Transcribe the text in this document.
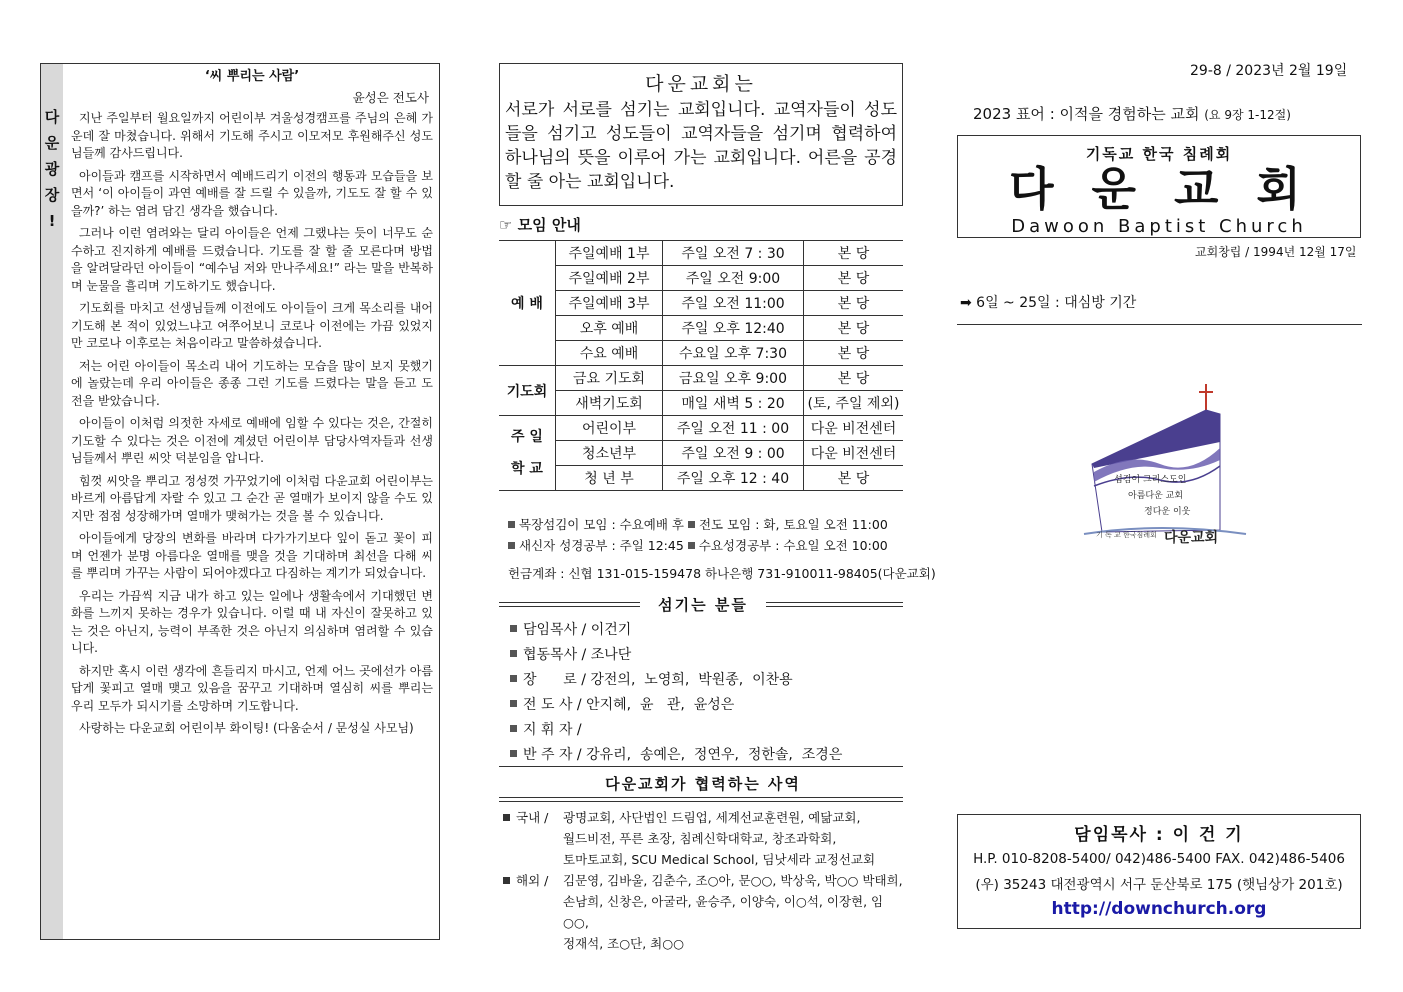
다
운
광
장
!
‘씨 뿌리는 사람’
윤성은 전도사

지난 주일부터 월요일까지 어린이부 겨울성경캠프를 주님의 은혜 가운데 잘 마쳤습니다. 위해서 기도해 주시고 이모저모 후원해주신 성도님들께 감사드립니다.

아이들과 캠프를 시작하면서 예배드리기 이전의 행동과 모습들을 보면서 ‘이 아이들이 과연 예배를 잘 드릴 수 있을까, 기도도 잘 할 수 있을까?’ 하는 염려 담긴 생각을 했습니다.

그러나 이런 염려와는 달리 아이들은 언제 그랬냐는 듯이 너무도 순수하고 진지하게 예배를 드렸습니다. 기도를 잘 할 줄 모른다며 방법을 알려달라던 아이들이 “예수님 저와 만나주세요!” 라는 말을 반복하며 눈물을 흘리며 기도하기도 했습니다.

기도회를 마치고 선생님들께 이전에도 아이들이 크게 목소리를 내어 기도해 본 적이 있었느냐고 여쭈어보니 코로나 이전에는 가끔 있었지만 코로나 이후로는 처음이라고 말씀하셨습니다.

저는 어린 아이들이 목소리 내어 기도하는 모습을 많이 보지 못했기에 놀랐는데 우리 아이들은 종종 그런 기도를 드렸다는 말을 듣고 도전을 받았습니다.

아이들이 이처럼 의젓한 자세로 예배에 임할 수 있다는 것은, 간절히 기도할 수 있다는 것은 이전에 계셨던 어린이부 담당사역자들과 선생님들께서 뿌린 씨앗 덕분임을 압니다.

힘껏 씨앗을 뿌리고 정성껏 가꾸었기에 이처럼 다운교회 어린이부는 바르게 아름답게 자랄 수 있고 그 순간 곧 열매가 보이지 않을 수도 있지만 점점 성장해가며 열매가 맺혀가는 것을 볼 수 있습니다.

아이들에게 당장의 변화를 바라며 다가가기보다 잎이 돋고 꽃이 피며 언젠가 분명 아름다운 열매를 맺을 것을 기대하며 최선을 다해 씨를 뿌리며 가꾸는 사람이 되어야겠다고 다짐하는 계기가 되었습니다.

우리는 가끔씩 지금 내가 하고 있는 일에나 생활속에서 기대했던 변화를 느끼지 못하는 경우가 있습니다. 이럴 때 내 자신이 잘못하고 있는 것은 아닌지, 능력이 부족한 것은 아닌지 의심하며 염려할 수 있습니다.

하지만 혹시 이런 생각에 흔들리지 마시고, 언제 어느 곳에선가 아름답게 꽃피고 열매 맺고 있음을 꿈꾸고 기대하며 열심히 씨를 뿌리는 우리 모두가 되시기를 소망하며 기도합니다.

사랑하는 다운교회 어린이부 화이팅! (다움순서 / 문성실 사모님)

다운교회는
서로가 서로를 섬기는 교회입니다. 교역자들이 성도들을 섬기고 성도들이 교역자들을 섬기며 협력하여 하나님의 뜻을 이루어 가는 교회입니다. 어른을 공경할 줄 아는 교회입니다.
☞ 모임 안내
예 배	주일예배 1부	주일 오전 7 : 30	본 당
	주일예배 2부	주일 오전 9:00	본 당
	주일예배 3부	주일 오전 11:00	본 당
	오후 예배	주일 오후 12:40	본 당
	수요 예배	수요일 오후 7:30	본 당
기도회	금요 기도회	금요일 오후 9:00	본 당
	새벽기도회	매일 새벽 5 : 20	(토, 주일 제외)
주 일
학 교	어린이부	주일 오전 11 : 00	다운 비전센터
	청소년부	주일 오전 9 : 00	다운 비전센터
	청 년 부	주일 오후 12 : 40	본 당
목장섬김이 모임 : 수요예배 후 전도 모임 : 화, 토요일 오전 11:00
새신자 성경공부 : 주일 12:45 수요성경공부 : 수요일 오전 10:00
헌금계좌 : 신협 131-015-159478 하나은행 731-910011-98405(다운교회)
섬기는 분들
담임목사 / 이건기
협동목사 / 조나단
장      로 / 강전의,  노영희,  박원종,  이찬용
전 도 사 / 안지혜,  윤   관,  윤성은
지 휘 자 /
반 주 자 / 강유리,  송예은,  정연우,  정한솔,  조경은
다운교회가 협력하는 사역
국내 /	광명교회, 사단법인 드림업, 세계선교훈련원, 예닮교회,
월드비전, 푸른 초장, 침례신학대학교, 창조과학회,
토마토교회, SCU Medical School, 딤낫세라 교정선교회
해외 /	김문영, 김바울, 김춘수, 조○아, 문○○, 박상욱, 박○○ 박태희,
손남희, 신창은, 아굴라, 윤승주, 이양숙, 이○석, 이장현, 임○○,
정재석, 조○단, 최○○
29-8 / 2023년 2월 19일
2023 표어 : 이적을 경험하는 교회 (요 9장 1-12절)
기독교 한국 침례회
다운교회
Dawoon Baptist Church
교회창립 / 1994년 12월 17일
➡ 6일 ~ 25일 : 대심방 기간
섬김이 그리스도인
아름다운 교회
정다운 이웃
기 독 교 한국침례회 다운교회
담임목사 : 이 건 기
H.P. 010-8208-5400/ 042)486-5400 FAX. 042)486-5406
(우) 35243 대전광역시 서구 둔산북로 175 (햇님상가 201호)
http://downchurch.org
